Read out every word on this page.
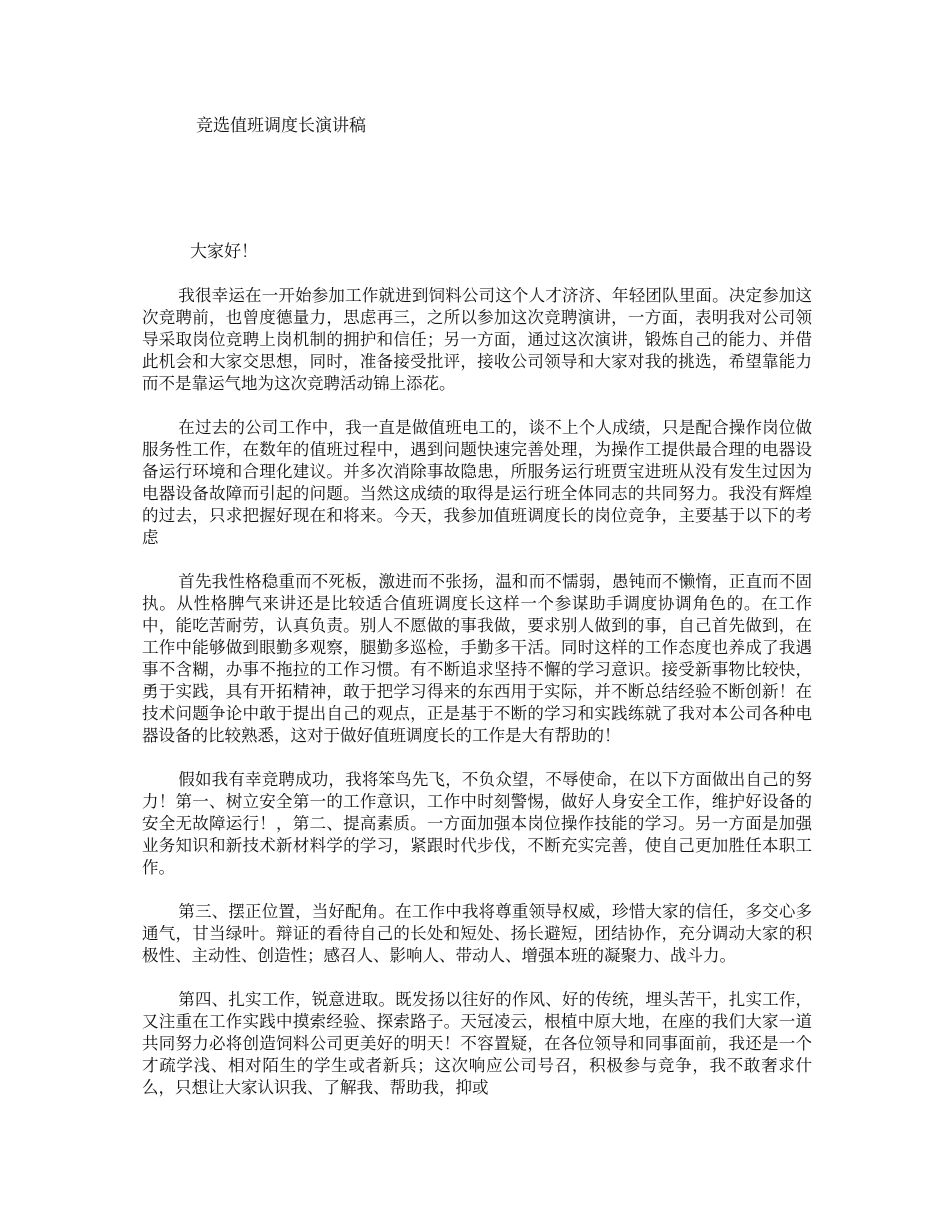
竞选值班调度长演讲稿
大家好！

我很幸运在一开始参加工作就进到饲料公司这个人才济济、年轻团队里面。决定参加这次竞聘前，也曾度德量力，思虑再三，之所以参加这次竞聘演讲，一方面，表明我对公司领导采取岗位竞聘上岗机制的拥护和信任；另一方面，通过这次演讲，锻炼自己的能力、并借此机会和大家交思想，同时，准备接受批评，接收公司领导和大家对我的挑选，希望靠能力而不是靠运气地为这次竞聘活动锦上添花。

在过去的公司工作中，我一直是做值班电工的，谈不上个人成绩，只是配合操作岗位做服务性工作，在数年的值班过程中，遇到问题快速完善处理，为操作工提供最合理的电器设备运行环境和合理化建议。并多次消除事故隐患，所服务运行班贾宝进班从没有发生过因为电器设备故障而引起的问题。当然这成绩的取得是运行班全体同志的共同努力。我没有辉煌的过去，只求把握好现在和将来。今天，我参加值班调度长的岗位竞争，主要基于以下的考虑

首先我性格稳重而不死板，激进而不张扬，温和而不懦弱，愚钝而不懒惰，正直而不固执。从性格脾气来讲还是比较适合值班调度长这样一个参谋助手调度协调角色的。在工作中，能吃苦耐劳，认真负责。别人不愿做的事我做，要求别人做到的事，自己首先做到，在工作中能够做到眼勤多观察，腿勤多巡检，手勤多干活。同时这样的工作态度也养成了我遇事不含糊，办事不拖拉的工作习惯。有不断追求坚持不懈的学习意识。接受新事物比较快，勇于实践，具有开拓精神，敢于把学习得来的东西用于实际，并不断总结经验不断创新！在技术问题争论中敢于提出自己的观点，正是基于不断的学习和实践练就了我对本公司各种电器设备的比较熟悉，这对于做好值班调度长的工作是大有帮助的！

假如我有幸竞聘成功，我将笨鸟先飞，不负众望，不辱使命，在以下方面做出自己的努力！第一、树立安全第一的工作意识，工作中时刻警惕，做好人身安全工作，维护好设备的安全无故障运行！，第二、提高素质。一方面加强本岗位操作技能的学习。另一方面是加强业务知识和新技术新材料学的学习，紧跟时代步伐，不断充实完善，使自己更加胜任本职工作。

第三、摆正位置，当好配角。在工作中我将尊重领导权威，珍惜大家的信任，多交心多通气，甘当绿叶。辩证的看待自己的长处和短处、扬长避短，团结协作，充分调动大家的积极性、主动性、创造性；感召人、影响人、带动人、增强本班的凝聚力、战斗力。

第四、扎实工作，锐意进取。既发扬以往好的作风、好的传统，埋头苦干，扎实工作，又注重在工作实践中摸索经验、探索路子。天冠凌云，根植中原大地，在座的我们大家一道共同努力必将创造饲料公司更美好的明天！不容置疑，在各位领导和同事面前，我还是一个才疏学浅、相对陌生的学生或者新兵；这次响应公司号召，积极参与竞争，我不敢奢求什么，只想让大家认识我、了解我、帮助我，抑或
